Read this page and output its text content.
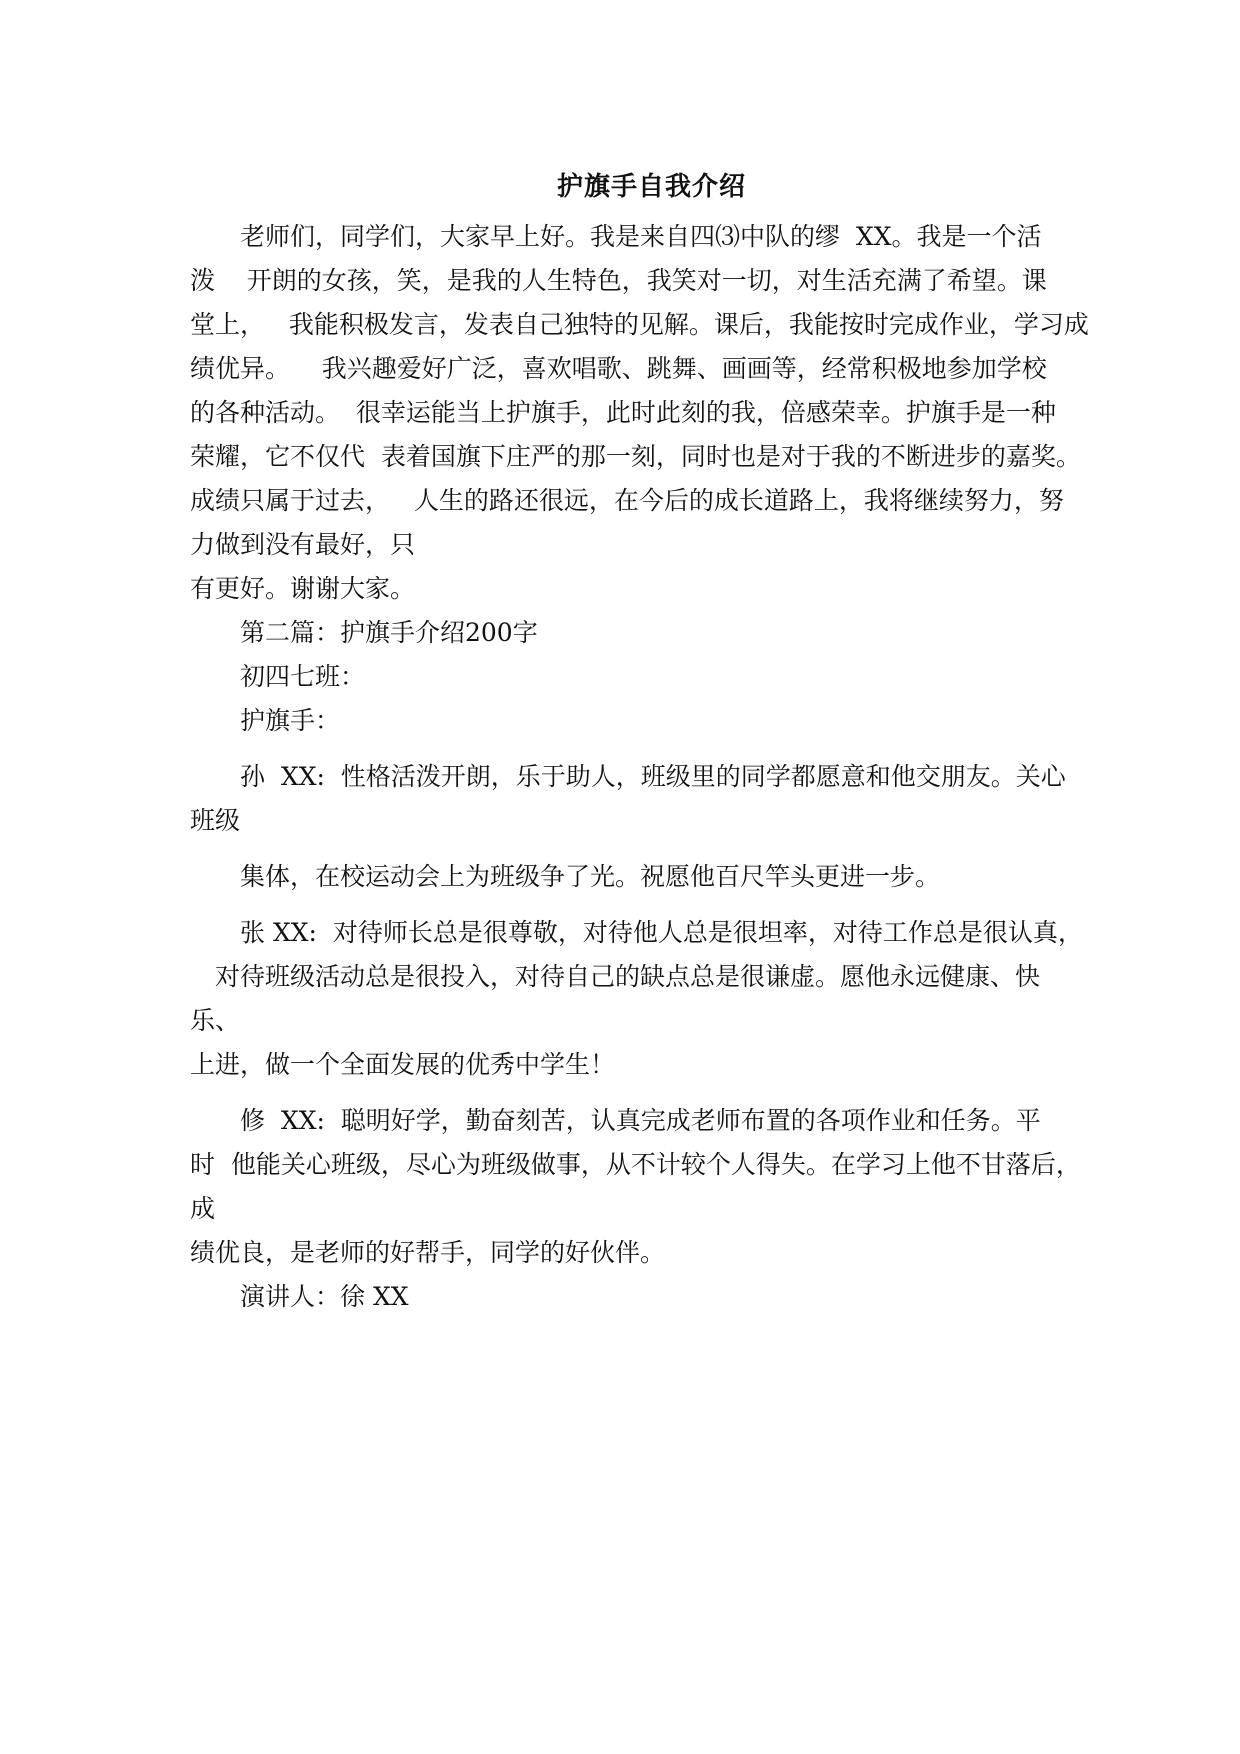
护旗手自我介绍
老师们，同学们，大家早上好。我是来自四⑶中队的缪  XX。我是一个活
泼    开朗的女孩，笑，是我的人生特色，我笑对一切，对生活充满了希望。课
堂上，   我能积极发言，发表自己独特的见解。课后，我能按时完成作业，学习成
绩优异。    我兴趣爱好广泛，喜欢唱歌、跳舞、画画等，经常积极地参加学校
的各种活动。  很幸运能当上护旗手，此时此刻的我，倍感荣幸。护旗手是一种
荣耀，它不仅代  表着国旗下庄严的那一刻，同时也是对于我的不断进步的嘉奖。
成绩只属于过去，   人生的路还很远，在今后的成长道路上，我将继续努力，努
力做到没有最好，只
有更好。谢谢大家。
第二篇：护旗手介绍200字
初四七班：
护旗手：
孙  XX:  性格活泼开朗，乐于助人，班级里的同学都愿意和他交朋友。关心
班级
集体，在校运动会上为班级争了光。祝愿他百尺竿头更进一步。
张 XX:  对待师长总是很尊敬，对待他人总是很坦率，对待工作总是很认真，
对待班级活动总是很投入，对待自己的缺点总是很谦虚。愿他永远健康、快
乐、
上进，做一个全面发展的优秀中学生！
修  XX:  聪明好学，勤奋刻苦，认真完成老师布置的各项作业和任务。平
时  他能关心班级，尽心为班级做事，从不计较个人得失。在学习上他不甘落后，
成
绩优良，是老师的好帮手，同学的好伙伴。
演讲人：徐 XX
